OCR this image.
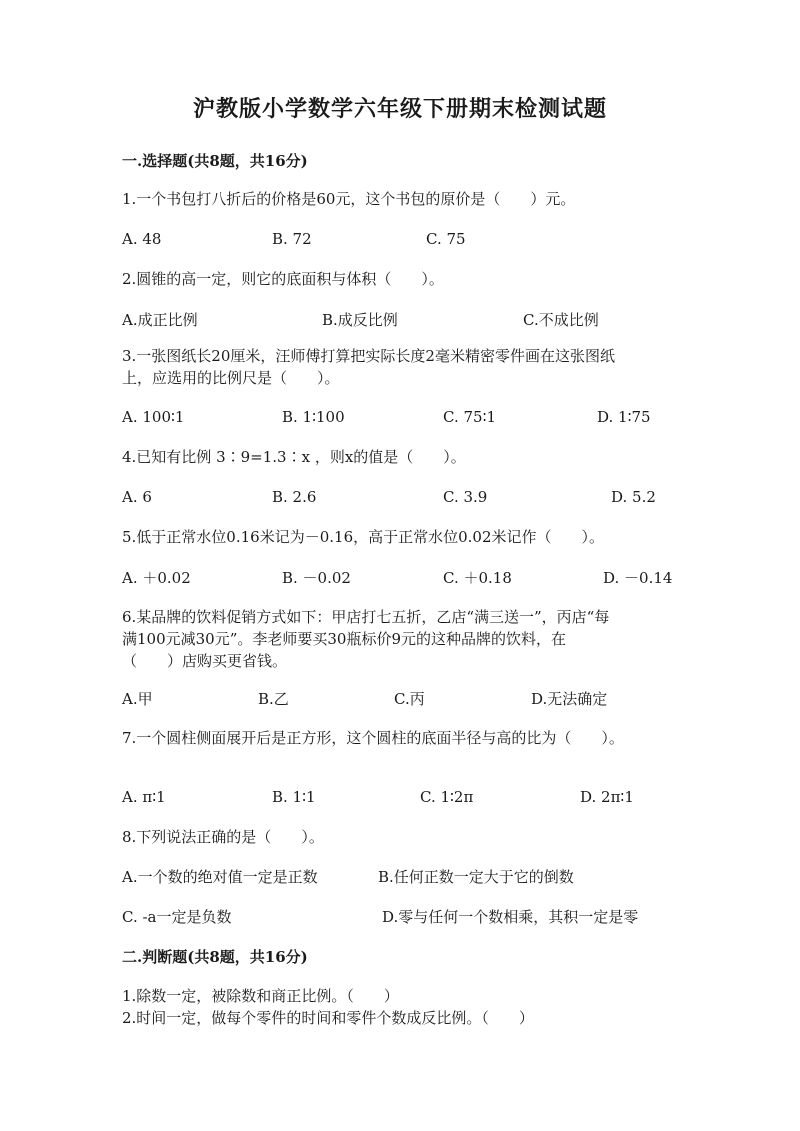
沪教版小学数学六年级下册期末检测试题
一.选择题(共8题，共16分)
1.一个书包打八折后的价格是60元，这个书包的原价是（　　）元。
A. 48	B. 72	C. 75
2.圆锥的高一定，则它的底面积与体积（　　）。
A.成正比例	B.成反比例	C.不成比例
3.一张图纸长20厘米，汪师傅打算把实际长度2毫米精密零件画在这张图纸
上，应选用的比例尺是（　　）。
A. 100∶1	B. 1∶100	C. 75∶1	D. 1∶75
4.已知有比例 3∶9=1.3∶x ，则x的值是（　　）。
A. 6	B. 2.6	C. 3.9	D. 5.2
5.低于正常水位0.16米记为－0.16，高于正常水位0.02米记作（　　）。
A. ＋0.02	B. －0.02	C. ＋0.18	D. －0.14
6.某品牌的饮料促销方式如下：甲店打七五折，乙店“满三送一”，丙店“每
满100元减30元”。李老师要买30瓶标价9元的这种品牌的饮料，在
（　　）店购买更省钱。
A.甲	B.乙	C.丙	D.无法确定
7.一个圆柱侧面展开后是正方形，这个圆柱的底面半径与高的比为（　　）。
A. π∶1	B. 1∶1	C. 1∶2π	D. 2π∶1
8.下列说法正确的是（　　）。
A.一个数的绝对值一定是正数	B.任何正数一定大于它的倒数
C. -a一定是负数	D.零与任何一个数相乘，其积一定是零
二.判断题(共8题，共16分)
1.除数一定，被除数和商正比例。（　　）
2.时间一定，做每个零件的时间和零件个数成反比例。（　　）
